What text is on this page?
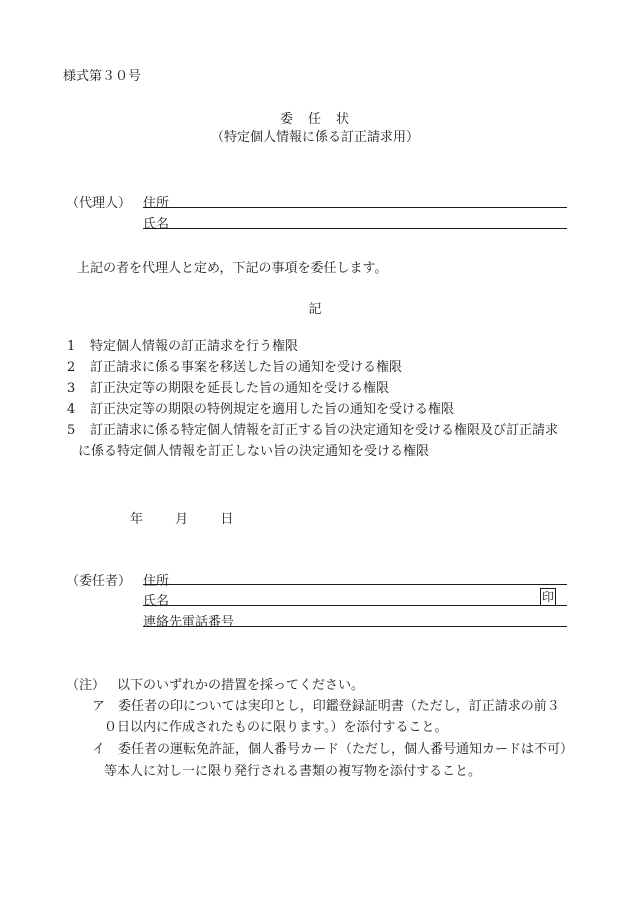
様式第３０号
委　任　状
（特定個人情報に係る訂正請求用）
（代理人） 住所
氏名
上記の者を代理人と定め，下記の事項を委任します。
記
1 特定個人情報の訂正請求を行う権限
2 訂正請求に係る事案を移送した旨の通知を受ける権限
3 訂正決定等の期限を延長した旨の通知を受ける権限
4 訂正決定等の期限の特例規定を適用した旨の通知を受ける権限
5	訂正請求に係る特定個人情報を訂正する旨の決定通知を受ける権限及び訂正請求
に係る特定個人情報を訂正しない旨の決定通知を受ける権限
年 月 日
（委任者） 住所
氏名	印
連絡先電話番号
（注） 以下のいずれかの措置を採ってください。
ア　委任者の印については実印とし，印鑑登録証明書（ただし，訂正請求の前３
０日以内に作成されたものに限ります。）を添付すること。
イ　委任者の運転免許証，個人番号カード（ただし，個人番号通知カードは不可）
等本人に対し一に限り発行される書類の複写物を添付すること。
